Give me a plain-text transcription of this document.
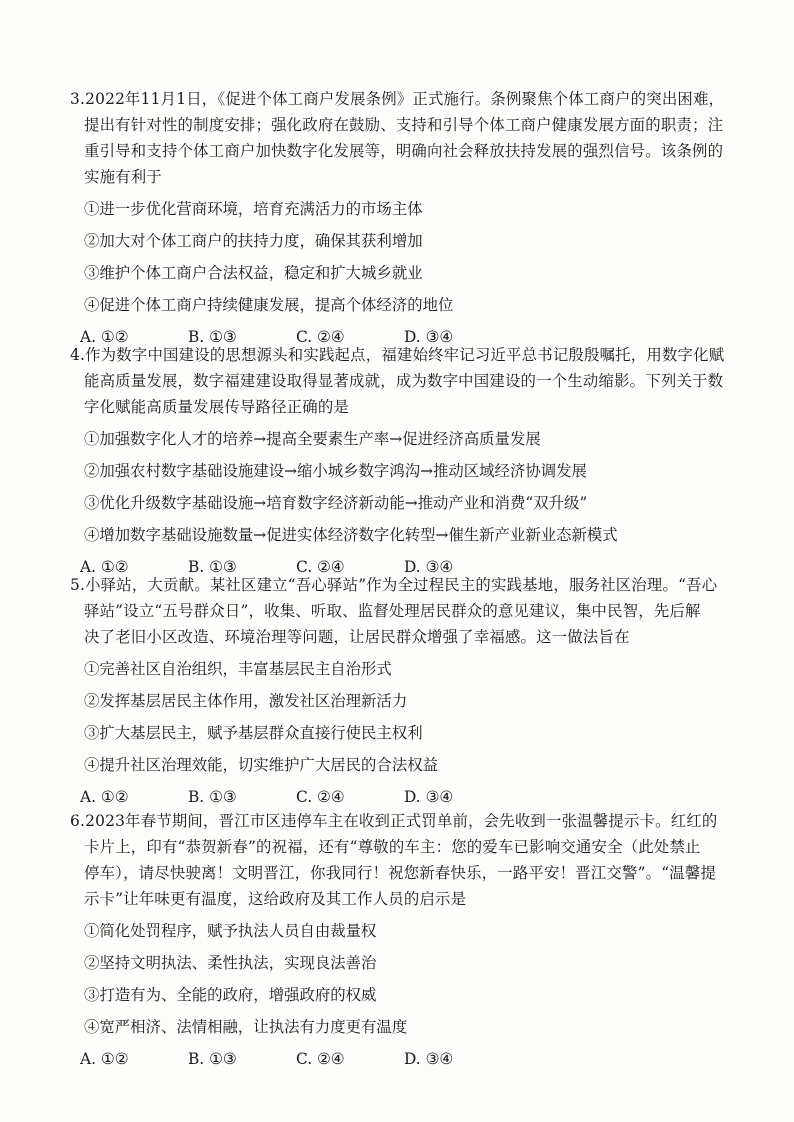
3.2022年11月1日，《促进个体工商户发展条例》正式施行。条例聚焦个体工商户的突出困难，
提出有针对性的制度安排；强化政府在鼓励、支持和引导个体工商户健康发展方面的职责；注
重引导和支持个体工商户加快数字化发展等，明确向社会释放扶持发展的强烈信号。该条例的
实施有利于
①进一步优化营商环境，培育充满活力的市场主体
②加大对个体工商户的扶持力度，确保其获利增加
③维护个体工商户合法权益，稳定和扩大城乡就业
④促进个体工商户持续健康发展，提高个体经济的地位
A. ①②	B. ①③	C. ②④	D. ③④
4.作为数字中国建设的思想源头和实践起点，福建始终牢记习近平总书记殷殷嘱托，用数字化赋
能高质量发展，数字福建建设取得显著成就，成为数字中国建设的一个生动缩影。下列关于数
字化赋能高质量发展传导路径正确的是
①加强数字化人才的培养→提高全要素生产率→促进经济高质量发展
②加强农村数字基础设施建设→缩小城乡数字鸿沟→推动区域经济协调发展
③优化升级数字基础设施→培育数字经济新动能→推动产业和消费“双升级”
④增加数字基础设施数量→促进实体经济数字化转型→催生新产业新业态新模式
A. ①②	B. ①③	C. ②④	D. ③④
5.小驿站，大贡献。某社区建立“吾心驿站”作为全过程民主的实践基地，服务社区治理。“吾心
驿站”设立“五号群众日”，收集、听取、监督处理居民群众的意见建议，集中民智，先后解
决了老旧小区改造、环境治理等问题，让居民群众增强了幸福感。这一做法旨在
①完善社区自治组织，丰富基层民主自治形式
②发挥基层居民主体作用，激发社区治理新活力
③扩大基层民主，赋予基层群众直接行使民主权利
④提升社区治理效能，切实维护广大居民的合法权益
A. ①②	B. ①③	C. ②④	D. ③④
6.2023年春节期间，晋江市区违停车主在收到正式罚单前，会先收到一张温馨提示卡。红红的
卡片上，印有“恭贺新春”的祝福，还有“尊敬的车主：您的爱车已影响交通安全（此处禁止
停车），请尽快驶离！文明晋江，你我同行！祝您新春快乐，一路平安！晋江交警”。“温馨提
示卡”让年味更有温度，这给政府及其工作人员的启示是
①简化处罚程序，赋予执法人员自由裁量权
②坚持文明执法、柔性执法，实现良法善治
③打造有为、全能的政府，增强政府的权威
④宽严相济、法情相融，让执法有力度更有温度
A. ①②	B. ①③	C. ②④	D. ③④
